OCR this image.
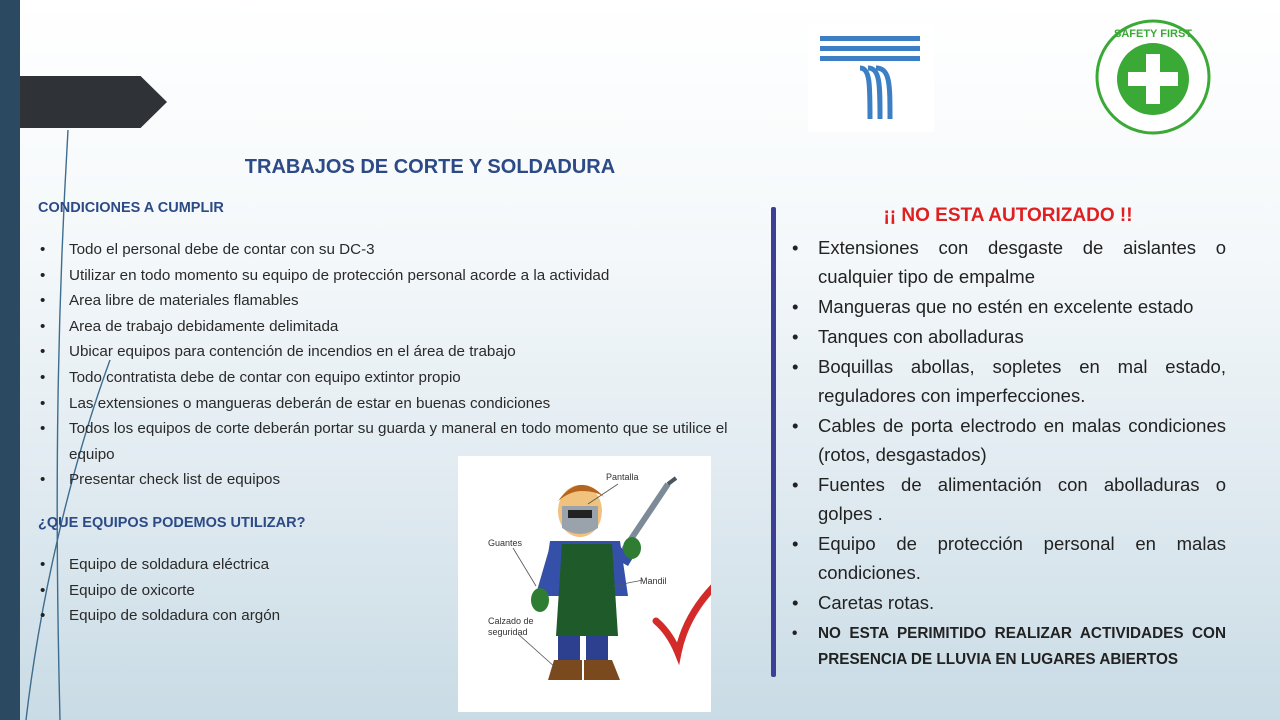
SAFETY FIRST
TRABAJOS DE CORTE Y SOLDADURA
CONDICIONES A CUMPLIR
• Todo el personal debe de contar con su DC-3
• Utilizar en todo momento su equipo de protección personal acorde a la actividad
• Area libre de materiales flamables
• Area de trabajo debidamente delimitada
• Ubicar equipos para contención de incendios en el área de trabajo
• Todo contratista debe de contar con equipo extintor propio
• Las extensiones o mangueras deberán de estar en buenas condiciones
• Todos los equipos de corte deberán portar su guarda y maneral en todo momento que se utilice el equipo
• Presentar check list de equipos
¿QUE EQUIPOS PODEMOS UTILIZAR?
• Equipo de soldadura eléctrica
• Equipo de oxicorte
• Equipo de soldadura con argón
Pantalla
Guantes
Mandil
Calzado de
seguridad
¡¡ NO ESTA AUTORIZADO !!
• Extensiones con desgaste de aislantes o cualquier tipo de empalme
• Mangueras que no estén en excelente estado
• Tanques con abolladuras
• Boquillas abollas, sopletes en mal estado, reguladores con imperfecciones.
• Cables de porta electrodo en malas condiciones (rotos, desgastados)
• Fuentes de alimentación con abolladuras o golpes .
• Equipo de protección personal en malas condiciones.
• Caretas rotas.
• NO ESTA PERIMITIDO REALIZAR ACTIVIDADES CON PRESENCIA DE LLUVIA EN LUGARES ABIERTOS
